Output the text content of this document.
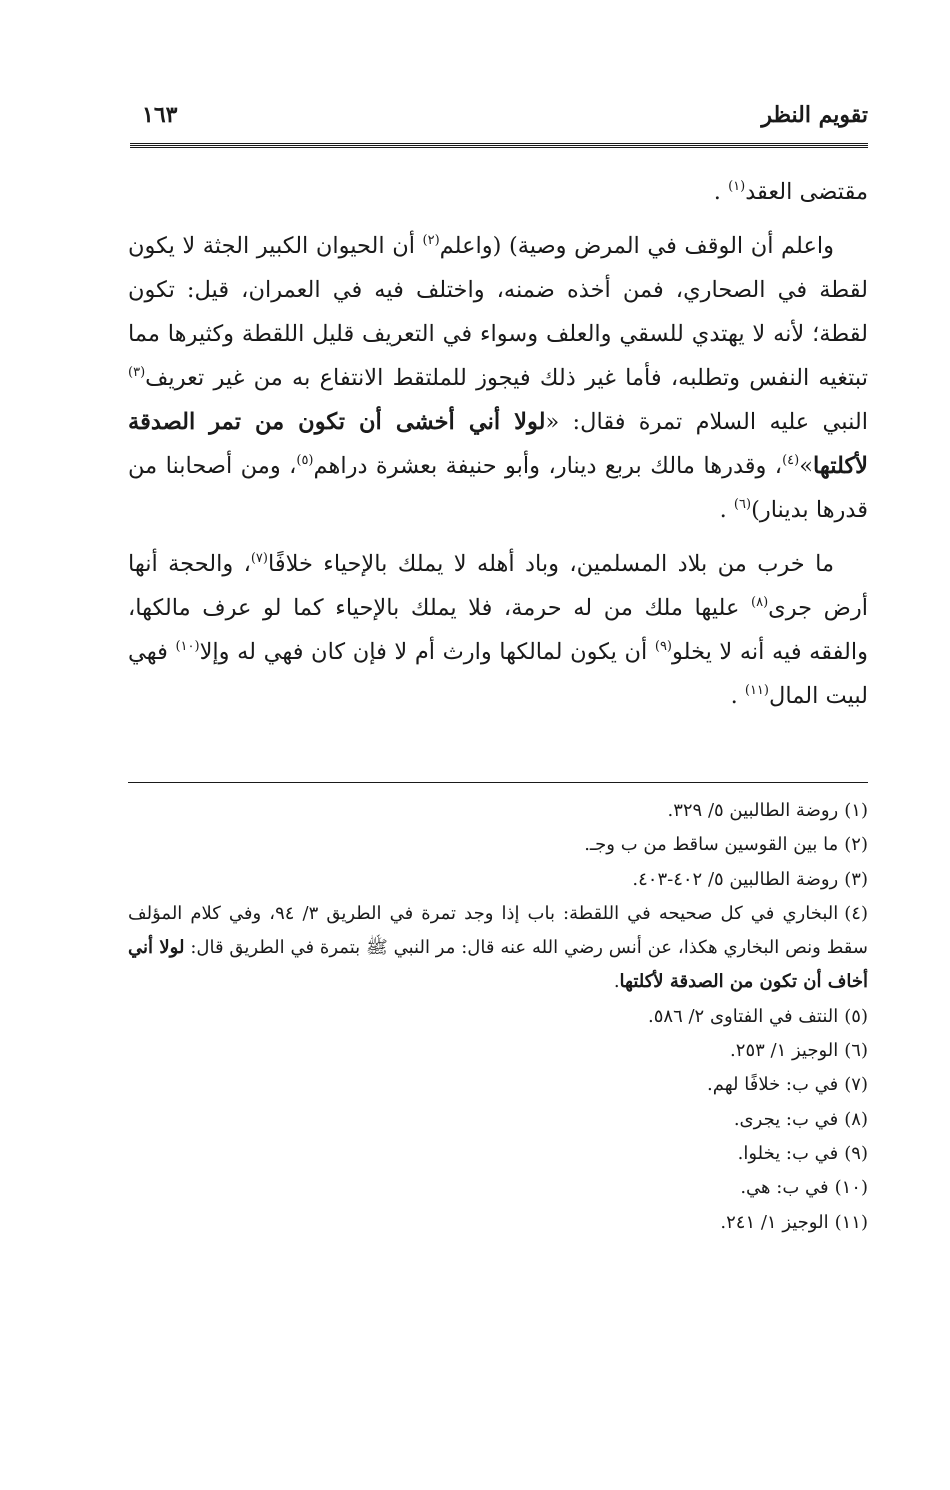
تقويم النظر
١٦٣

مقتضى العقد$^{(١)}$ .

واعلم أن الوقف في المرض وصية) (واعلم$^{(٢)}$ أن الحيوان الكبير الجثة لا يكون لقطة في الصحاري، فمن أخذه ضمنه، واختلف فيه في العمران، قيل: تكون لقطة؛ لأنه لا يهتدي للسقي والعلف وسواء في التعريف قليل اللقطة وكثيرها مما تبتغيه النفس وتطلبه، فأما غير ذلك فيجوز للملتقط الانتفاع به من غير تعريف$^{(٣)}$ النبي عليه السلام تمرة فقال: «لولا أني أخشى أن تكون من تمر الصدقة لأكلتها»$^{(٤)}$، وقدرها مالك بربع دينار، وأبو حنيفة بعشرة دراهم$^{(٥)}$، ومن أصحابنا من قدرها بدينار)$^{(٦)}$ .

ما خرب من بلاد المسلمين، وباد أهله لا يملك بالإحياء خلافًا$^{(٧)}$، والحجة أنها أرض جرى$^{(٨)}$ عليها ملك من له حرمة، فلا يملك بالإحياء كما لو عرف مالكها، والفقه فيه أنه لا يخلو$^{(٩)}$ أن يكون لمالكها وارث أم لا فإن كان فهي له وإلا$^{(١٠)}$ فهي لبيت المال$^{(١١)}$ .

(١)روضة الطالبين ٥/ ٣٢٩.

(٢)ما بين القوسين ساقط من ب وجـ.

(٣)روضة الطالبين ٥/ ٤٠٢-٤٠٣.

(٤)البخاري في كل صحيحه في اللقطة: باب إذا وجد تمرة في الطريق ٣/ ٩٤، وفي كلام المؤلف سقط ونص البخاري هكذا، عن أنس رضي الله عنه قال: مر النبي ﷺ بتمرة في الطريق قال: لولا أني أخاف أن تكون من الصدقة لأكلتها.

(٥)النتف في الفتاوى ٢/ ٥٨٦.

(٦)الوجيز ١/ ٢٥٣.

(٧)في ب: خلافًا لهم.

(٨)في ب: يجرى.

(٩)في ب: يخلوا.

(١٠)في ب: هي.

(١١)الوجيز ١/ ٢٤١.
